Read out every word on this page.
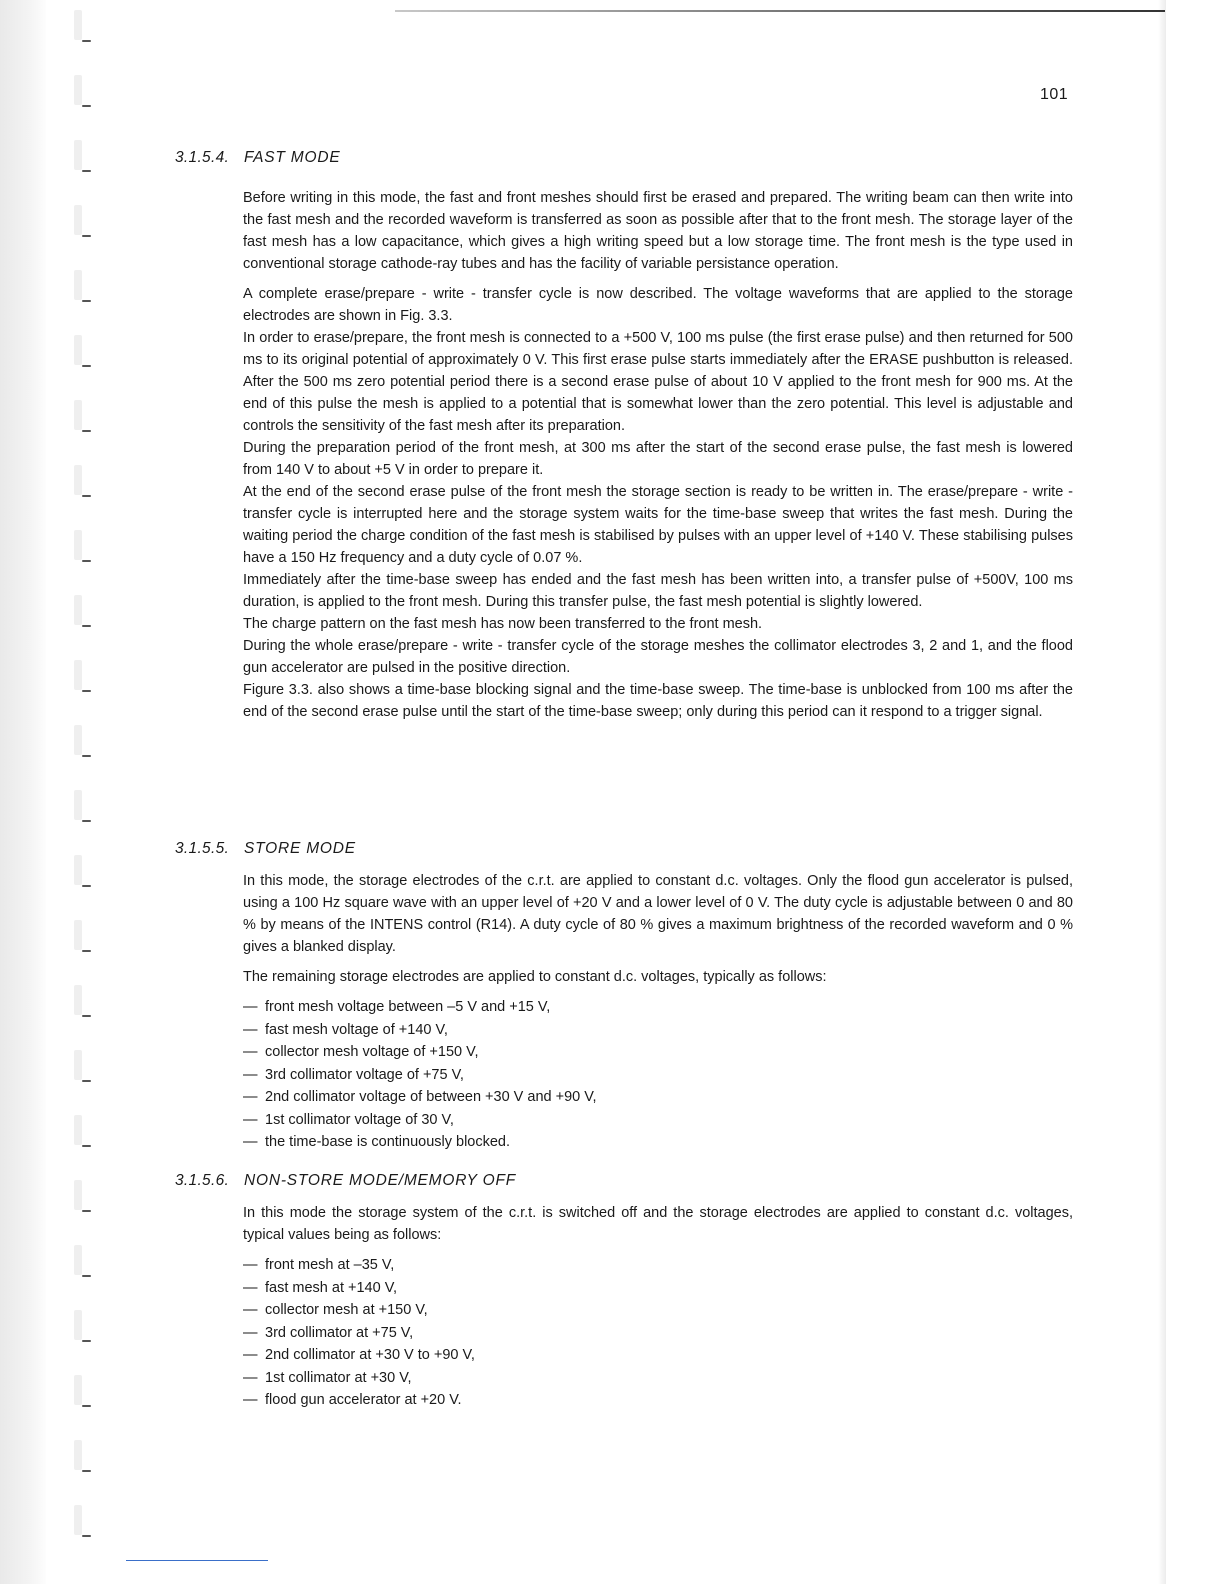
101
3.1.5.4. FAST MODE

Before writing in this mode, the fast and front meshes should first be erased and prepared. The writing beam can then write into the fast mesh and the recorded waveform is transferred as soon as possible after that to the front mesh. The storage layer of the fast mesh has a low capacitance, which gives a high writing speed but a low storage time. The front mesh is the type used in conventional storage cathode-ray tubes and has the facility of variable persistance operation.

A complete erase/prepare - write - transfer cycle is now described. The voltage waveforms that are applied to the storage electrodes are shown in Fig. 3.3.

In order to erase/prepare, the front mesh is connected to a +500 V, 100 ms pulse (the first erase pulse) and then returned for 500 ms to its original potential of approximately 0 V. This first erase pulse starts immediately after the ERASE pushbutton is released. After the 500 ms zero potential period there is a second erase pulse of about 10 V applied to the front mesh for 900 ms. At the end of this pulse the mesh is applied to a potential that is somewhat lower than the zero potential. This level is adjustable and controls the sensitivity of the fast mesh after its preparation.

During the preparation period of the front mesh, at 300 ms after the start of the second erase pulse, the fast mesh is lowered from 140 V to about +5 V in order to prepare it.

At the end of the second erase pulse of the front mesh the storage section is ready to be written in. The erase/prepare - write - transfer cycle is interrupted here and the storage system waits for the time-base sweep that writes the fast mesh. During the waiting period the charge condition of the fast mesh is stabilised by pulses with an upper level of +140 V. These stabilising pulses have a 150 Hz frequency and a duty cycle of 0.07 %.

Immediately after the time-base sweep has ended and the fast mesh has been written into, a transfer pulse of +500V, 100 ms duration, is applied to the front mesh. During this transfer pulse, the fast mesh potential is slightly lowered.

The charge pattern on the fast mesh has now been transferred to the front mesh.

During the whole erase/prepare - write - transfer cycle of the storage meshes the collimator electrodes 3, 2 and 1, and the flood gun accelerator are pulsed in the positive direction.

Figure 3.3. also shows a time-base blocking signal and the time-base sweep. The time-base is unblocked from 100 ms after the end of the second erase pulse until the start of the time-base sweep; only during this period can it respond to a trigger signal.

3.1.5.5. STORE MODE

In this mode, the storage electrodes of the c.r.t. are applied to constant d.c. voltages. Only the flood gun accelerator is pulsed, using a 100 Hz square wave with an upper level of +20 V and a lower level of 0 V. The duty cycle is adjustable between 0 and 80 % by means of the INTENS control (R14). A duty cycle of 80 % gives a maximum brightness of the recorded waveform and 0 % gives a blanked display.

The remaining storage electrodes are applied to constant d.c. voltages, typically as follows:

— front mesh voltage between –5 V and +15 V,
— fast mesh voltage of +140 V,
— collector mesh voltage of +150 V,
— 3rd collimator voltage of +75 V,
— 2nd collimator voltage of between +30 V and +90 V,
— 1st collimator voltage of 30 V,
— the time-base is continuously blocked.
3.1.5.6. NON-STORE MODE/MEMORY OFF

In this mode the storage system of the c.r.t. is switched off and the storage electrodes are applied to constant d.c. voltages, typical values being as follows:

— front mesh at –35 V,
— fast mesh at +140 V,
— collector mesh at +150 V,
— 3rd collimator at +75 V,
— 2nd collimator at +30 V to +90 V,
— 1st collimator at +30 V,
— flood gun accelerator at +20 V.
